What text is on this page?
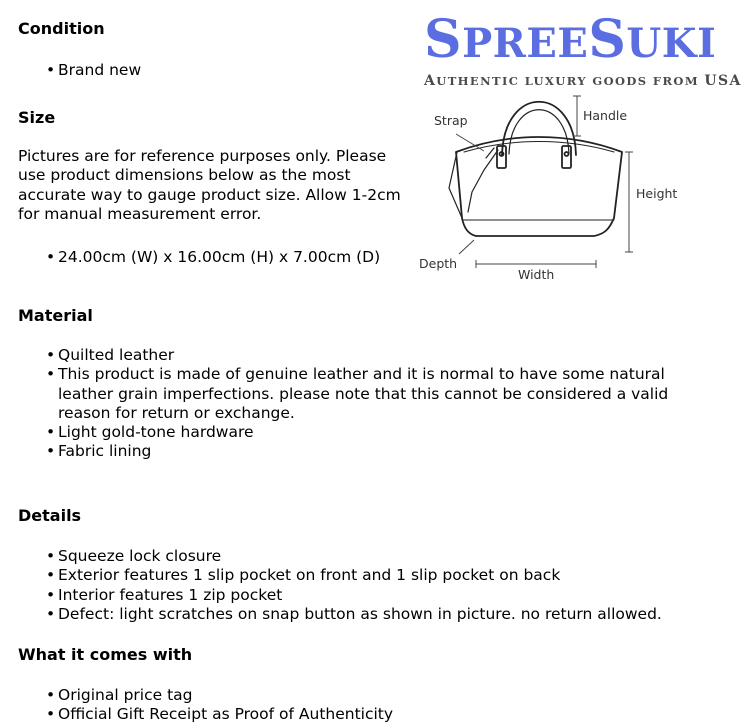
Condition
• Brand new
Size

Pictures are for reference purposes only. Please use product dimensions below as the most accurate way to gauge product size. Allow 1-2cm for manual measurement error.

• 24.00cm (W) x 16.00cm (H) x 7.00cm (D)
Material
• Quilted leather
• This product is made of genuine leather and it is normal to have some natural leather grain imperfections. please note that this cannot be considered a valid reason for return or exchange.
• Light gold-tone hardware
• Fabric lining
Details
• Squeeze lock closure
• Exterior features 1 slip pocket on front and 1 slip pocket on back
• Interior features 1 zip pocket
• Defect: light scratches on snap button as shown in picture. no return allowed.
What it comes with
• Original price tag
• Official Gift Receipt as Proof of Authenticity
SPREESUKI
AUTHENTIC LUXURY GOODS FROM USA
Strap	Handle
Height
Depth
Width
